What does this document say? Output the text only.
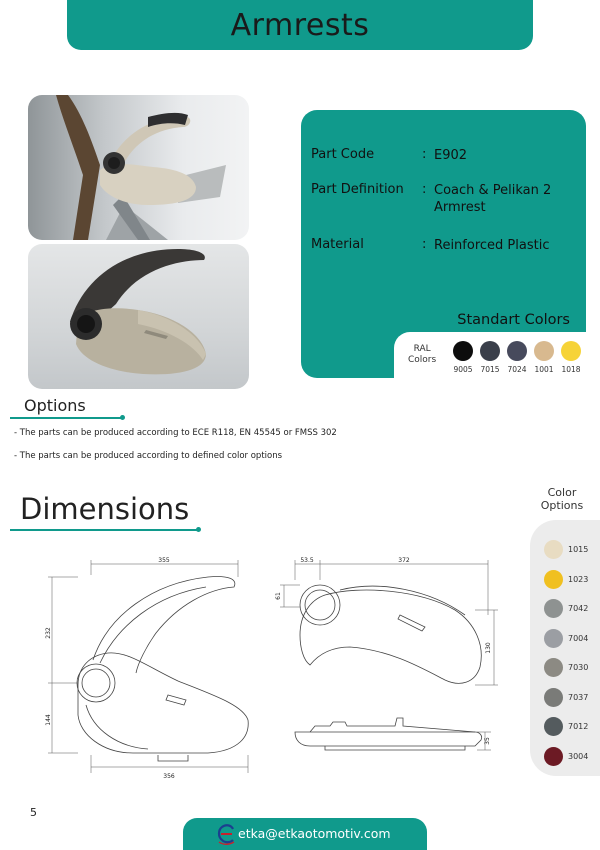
Armrests
Part Code	: E902
Part Definition : Coach & Pelikan 2 Armrest
Material	: Reinforced Plastic
Standart Colors
RAL
Colors
9005	7015	7024	1001	1018
Options
- The parts can be produced according to ECE R118, EN 45545 or FMSS 302
- The parts can be produced according to defined color options
Dimensions
355
356
232
144
53.5	372
61
130
35
Color
Options
1015
1023
7042
7004
7030
7037
7012
3004
5
etka@etkaotomotiv.com
